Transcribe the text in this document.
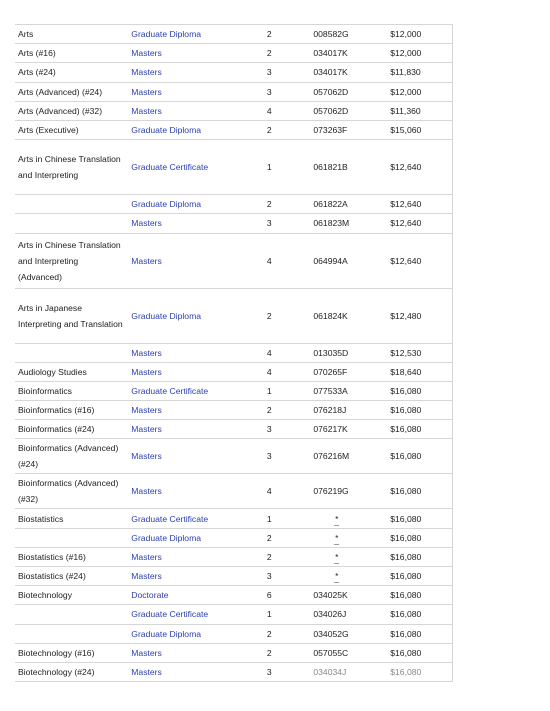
Arts	Graduate Diploma	2	008582G	$12,000
Arts (#16)	Masters	2	034017K	$12,000
Arts (#24)	Masters	3	034017K	$11,830
Arts (Advanced) (#24)	Masters	3	057062D	$12,000
Arts (Advanced) (#32)	Masters	4	057062D	$11,360
Arts (Executive)	Graduate Diploma	2	073263F	$15,060
Arts in Chinese Translation and Interpreting	Graduate Certificate	1	061821B	$12,640
	Graduate Diploma	2	061822A	$12,640
	Masters	3	061823M	$12,640
Arts in Chinese Translation and Interpreting (Advanced)	Masters	4	064994A	$12,640
Arts in Japanese Interpreting and Translation	Graduate Diploma	2	061824K	$12,480
	Masters	4	013035D	$12,530
Audiology Studies	Masters	4	070265F	$18,640
Bioinformatics	Graduate Certificate	1	077533A	$16,080
Bioinformatics (#16)	Masters	2	076218J	$16,080
Bioinformatics (#24)	Masters	3	076217K	$16,080
Bioinformatics (Advanced) (#24)	Masters	3	076216M	$16,080
Bioinformatics (Advanced) (#32)	Masters	4	076219G	$16,080
Biostatistics	Graduate Certificate	1	*	$16,080
	Graduate Diploma	2	*	$16,080
Biostatistics (#16)	Masters	2	*	$16,080
Biostatistics (#24)	Masters	3	*	$16,080
Biotechnology	Doctorate	6	034025K	$16,080
	Graduate Certificate	1	034026J	$16,080
	Graduate Diploma	2	034052G	$16,080
Biotechnology (#16)	Masters	2	057055C	$16,080
Biotechnology (#24)	Masters	3	034034J	$16,080
